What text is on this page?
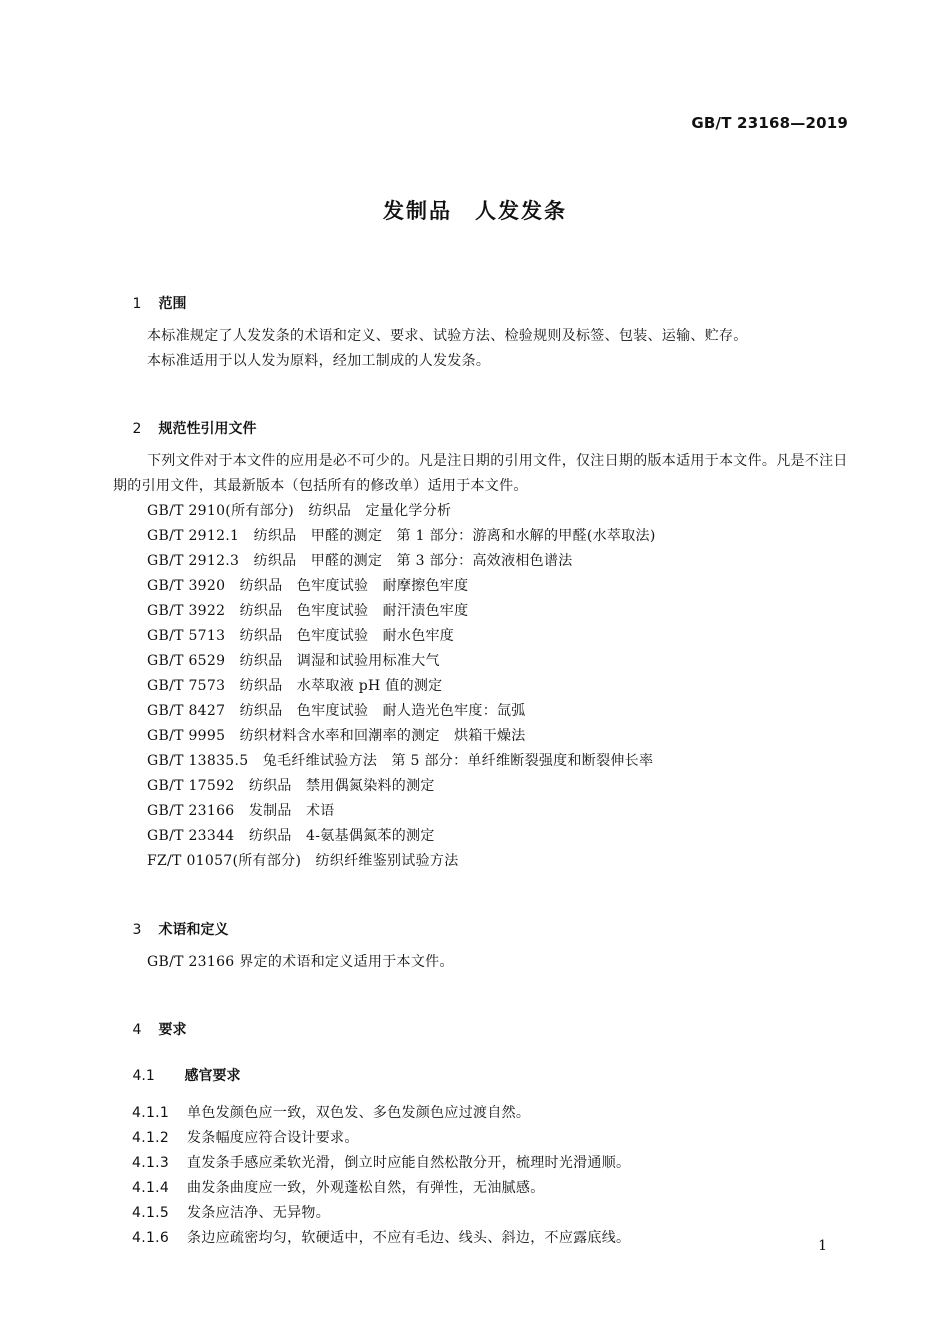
GB/T 23168—2019
发制品　人发发条

1 范围

本标准规定了人发发条的术语和定义、要求、试验方法、检验规则及标签、包装、运输、贮存。
本标准适用于以人发为原料，经加工制成的人发发条。

2 规范性引用文件

下列文件对于本文件的应用是必不可少的。凡是注日期的引用文件，仅注日期的版本适用于本文件。凡是不注日期的引用文件，其最新版本（包括所有的修改单）适用于本文件。
GB/T 2910(所有部分)　纺织品　定量化学分析
GB/T 2912.1　纺织品　甲醛的测定　第 1 部分：游离和水解的甲醛(水萃取法)
GB/T 2912.3　纺织品　甲醛的测定　第 3 部分：高效液相色谱法
GB/T 3920　纺织品　色牢度试验　耐摩擦色牢度
GB/T 3922　纺织品　色牢度试验　耐汗渍色牢度
GB/T 5713　纺织品　色牢度试验　耐水色牢度
GB/T 6529　纺织品　调湿和试验用标准大气
GB/T 7573　纺织品　水萃取液 pH 值的测定
GB/T 8427　纺织品　色牢度试验　耐人造光色牢度：氙弧
GB/T 9995　纺织材料含水率和回潮率的测定　烘箱干燥法
GB/T 13835.5　兔毛纤维试验方法　第 5 部分：单纤维断裂强度和断裂伸长率
GB/T 17592　纺织品　禁用偶氮染料的测定
GB/T 23166　发制品　术语
GB/T 23344　纺织品　4-氨基偶氮苯的测定
FZ/T 01057(所有部分)　纺织纤维鉴别试验方法

3 术语和定义

GB/T 23166 界定的术语和定义适用于本文件。

4 要求

4.1 感官要求

4.1.1 单色发颜色应一致，双色发、多色发颜色应过渡自然。

4.1.2 发条幅度应符合设计要求。

4.1.3 直发条手感应柔软光滑，倒立时应能自然松散分开，梳理时光滑通顺。

4.1.4 曲发条曲度应一致，外观蓬松自然，有弹性，无油腻感。

4.1.5 发条应洁净、无异物。

4.1.6 条边应疏密均匀，软硬适中，不应有毛边、线头、斜边，不应露底线。
	1
